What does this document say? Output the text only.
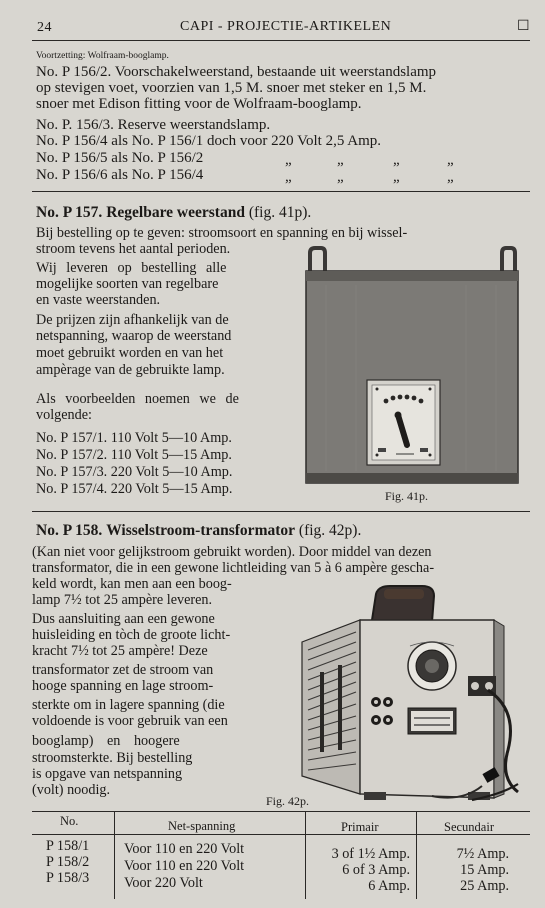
24	CAPI - PROJECTIE-ARTIKELEN	☐
Voortzetting: Wolfraam-booglamp.
No. P 156/2. Voorschakelweerstand, bestaande uit weerstandslamp
op stevigen voet, voorzien van 1,5 M. snoer met steker en 1,5 M.
snoer met Edison fitting voor de Wolfraam-booglamp.
No. P. 156/3. Reserve weerstandslamp.
No. P 156/4 als No. P 156/1 doch voor 220 Volt 2,5 Amp.
No. P 156/5 als No. P 156/2
No. P 156/6 als No. P 156/4
„	„	„	„
„	„	„	„
No. P 157. Regelbare weerstand (fig. 41p).
Bij bestelling op te geven: stroomsoort en spanning en bij wissel-
stroom tevens het aantal perioden.
Wij leveren op bestelling alle
mogelijke soorten van regelbare
en vaste weerstanden.
De prijzen zijn afhankelijk van de
netspanning, waarop de weerstand
moet gebruikt worden en van het
ampèrage van de gebruikte lamp.
Als voorbeelden noemen we de
volgende:
No. P 157/1. 110 Volt 5—10 Amp.
No. P 157/2. 110 Volt 5—15 Amp.
No. P 157/3. 220 Volt 5—10 Amp.
No. P 157/4. 220 Volt 5—15 Amp.	Fig. 41p.
No. P 158. Wisselstroom-transformator (fig. 42p).
(Kan niet voor gelijkstroom gebruikt worden). Door middel van dezen
transformator, die in een gewone lichtleiding van 5 à 6 ampère gescha-
keld wordt, kan men aan een boog-
lamp 7½ tot 25 ampère leveren.
Dus aansluiting aan een gewone
huisleiding en tòch de groote licht-
kracht 7½ tot 25 ampère! Deze
transformator zet de stroom van
hooge spanning en lage stroom-
sterkte om in lagere spanning (die
voldoende is voor gebruik van een
booglamp) en hoogere
stroomsterkte. Bij bestelling
is opgave van netspanning
(volt) noodig.
Fig. 42p.
No.	Net-spanning	Primair	Secundair
P 158/1 Voor 110 en 220 Volt	3 of 1½ Amp.	7½ Amp.
P 158/2 Voor 110 en 220 Volt	6 of 3 Amp.	15 Amp.
P 158/3 Voor 220 Volt	6 Amp.	25 Amp.
